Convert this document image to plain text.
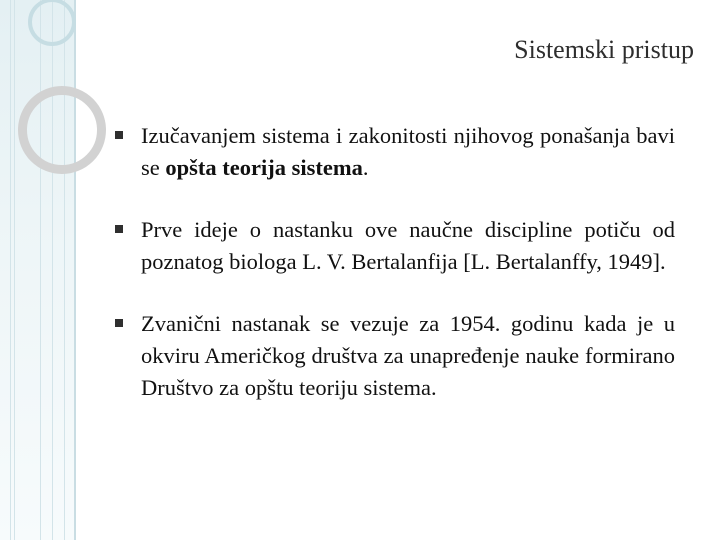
Sistemski pristup
Izučavanjem sistema i zakonitosti njihovog ponašanja bavi se opšta teorija sistema.
Prve ideje o nastanku ove naučne discipline potiču od poznatog biologa L. V. Bertalanfija [L. Bertalanffy, 1949].
Zvanični nastanak se vezuje za 1954. godinu kada je u okviru Američkog društva za unapređenje nauke formirano Društvo za opštu teoriju sistema.
